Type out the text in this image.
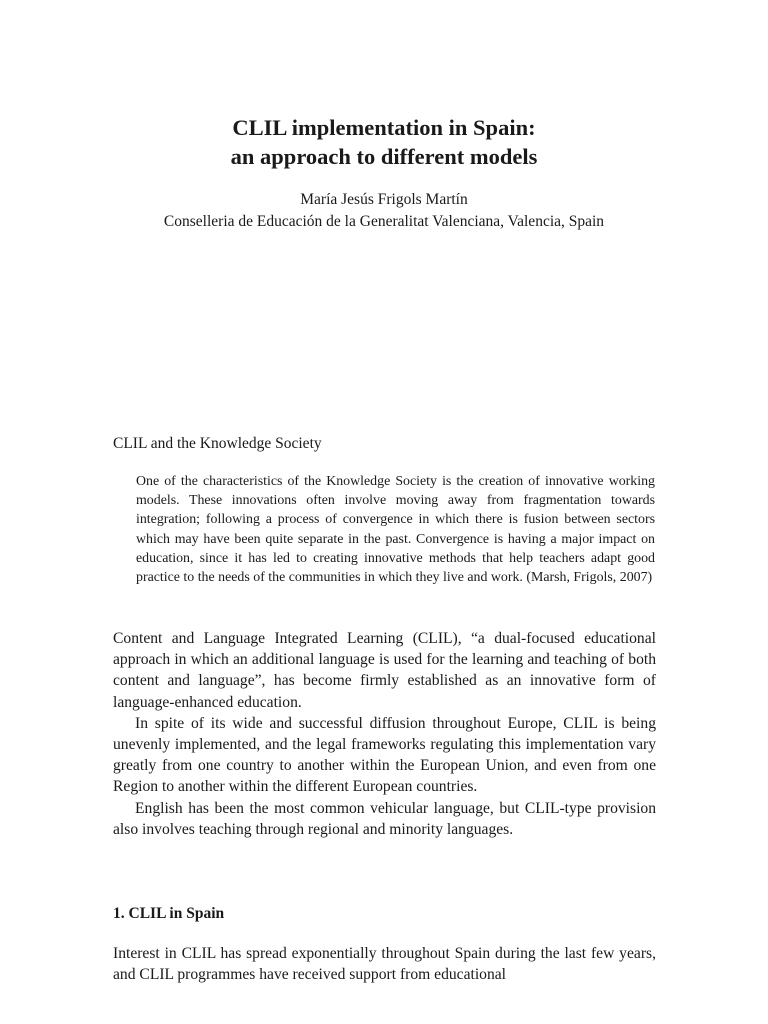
CLIL implementation in Spain:
an approach to different models
María Jesús Frigols Martín
Conselleria de Educación de la Generalitat Valenciana, Valencia, Spain
CLIL and the Knowledge Society
One of the characteristics of the Knowledge Society is the creation of innovative working models. These innovations often involve moving away from fragmentation towards integration; following a process of convergence in which there is fusion between sectors which may have been quite separate in the past. Convergence is having a major impact on education, since it has led to creating innovative methods that help teachers adapt good practice to the needs of the communities in which they live and work. (Marsh, Frigols, 2007)

Content and Language Integrated Learning (CLIL), “a dual-focused educational approach in which an additional language is used for the learning and teaching of both content and language”, has become firmly established as an innovative form of language-enhanced education.

In spite of its wide and successful diffusion throughout Europe, CLIL is being unevenly implemented, and the legal frameworks regulating this implementation vary greatly from one country to another within the European Union, and even from one Region to another within the different European countries.

English has been the most common vehicular language, but CLIL-type provision also involves teaching through regional and minority languages.

1. CLIL in Spain

Interest in CLIL has spread exponentially throughout Spain during the last few years, and CLIL programmes have received support from educational
